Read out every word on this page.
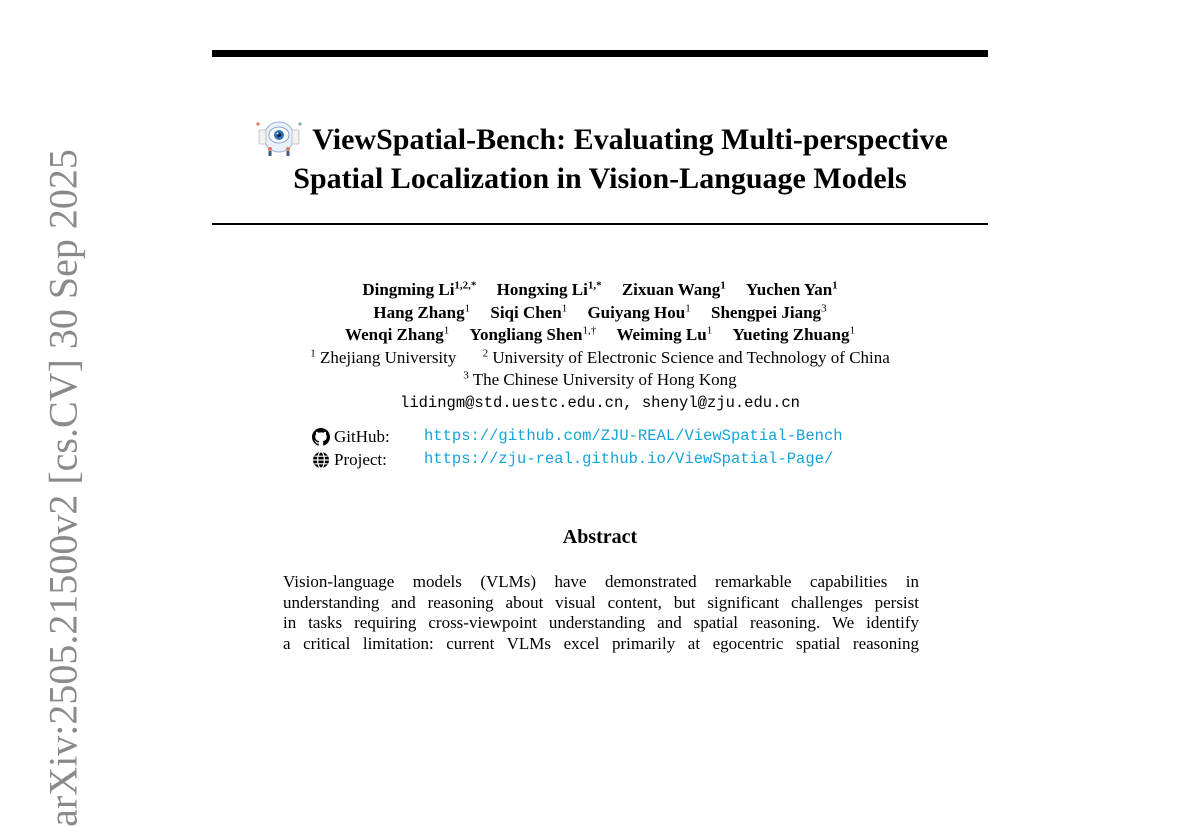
ViewSpatial-Bench: Evaluating Multi-perspective
Spatial Localization in Vision-Language Models
Dingming $Li^{1,2,*}$ Hongxing $Li^{1,*}$ Zixuan Wang$^1$ Yuchen Yan$^1$
Hang Zhang$^1$ Siqi Chen$^1$ Guiyang Hou$^1$ Shengpei Jiang$^3$
Wenqi Zhang$^1$ Yongliang Shen$^{1,\dagger}$ Weiming Lu$^1$ Yueting Zhuang$^1$
$^1$ Zhejiang University $^2$ University of Electronic Science and Technology of China
$^3$ The Chinese University of Hong Kong
lidingm@std.uestc.edu.cn, shenyl@zju.edu.cn
GitHub: https://github.com/ZJU-REAL/ViewSpatial-Bench
Project: https://zju-real.github.io/ViewSpatial-Page/
Abstract
Vision-language models (VLMs) have demonstrated remarkable capabilities in
understanding and reasoning about visual content, but significant challenges persist
in tasks requiring cross-viewpoint understanding and spatial reasoning. We identify
a critical limitation: current VLMs excel primarily at egocentric spatial reasoning
arXiv:2505.21500v2 [cs.CV] 30 Sep 2025
